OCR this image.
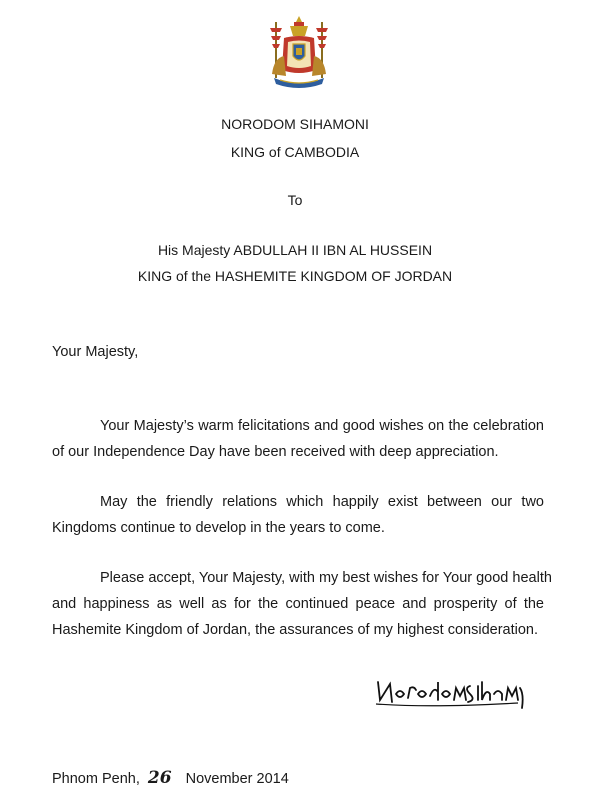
NORODOM SIHAMONI
KING of CAMBODIA
To
His Majesty ABDULLAH II IBN AL HUSSEIN
KING of the HASHEMITE KINGDOM OF JORDAN
Your Majesty,
Your Majesty’s warm felicitations and good wishes on the celebration
of our Independence Day have been received with deep appreciation.
May the friendly relations which happily exist between our two
Kingdoms continue to develop in the years to come.
Please accept, Your Majesty, with my best wishes for Your good health
and happiness as well as for the continued peace and prosperity of the
Hashemite Kingdom of Jordan, the assurances of my highest consideration.
Phnom Penh, 26 November 2014
